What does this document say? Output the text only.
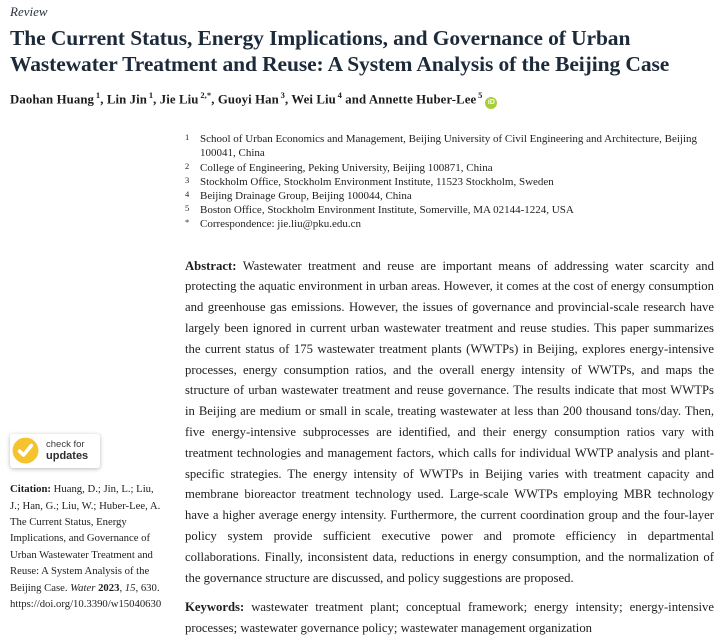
Review
The Current Status, Energy Implications, and Governance of Urban Wastewater Treatment and Reuse: A System Analysis of the Beijing Case
Daohan Huang $^1$, Lin Jin $^1$, Jie Liu $^{2,*}$, Guoyi Han $^3$, Wei Liu $^4$ and Annette Huber-Lee $^5$iD
check for
updates

Citation: Huang, D.; Jin, L.; Liu, J.; Han, G.; Liu, W.; Huber-Lee, A. The Current Status, Energy Implications, and Governance of Urban Wastewater Treatment and Reuse: A System Analysis of the Beijing Case. Water 2023, 15, 630. https://doi.org/10.3390/w15040630

1 School of Urban Economics and Management, Beijing University of Civil Engineering and Architecture, Beijing 100041, China
2 College of Engineering, Peking University, Beijing 100871, China
3 Stockholm Office, Stockholm Environment Institute, 11523 Stockholm, Sweden
4 Beijing Drainage Group, Beijing 100044, China
5 Boston Office, Stockholm Environment Institute, Somerville, MA 02144-1224, USA
* Correspondence: jie.liu@pku.edu.cn

Abstract: Wastewater treatment and reuse are important means of addressing water scarcity and protecting the aquatic environment in urban areas. However, it comes at the cost of energy consumption and greenhouse gas emissions. However, the issues of governance and provincial-scale research have largely been ignored in current urban wastewater treatment and reuse studies. This paper summarizes the current status of 175 wastewater treatment plants (WWTPs) in Beijing, explores energy-intensive processes, energy consumption ratios, and the overall energy intensity of WWTPs, and maps the structure of urban wastewater treatment and reuse governance. The results indicate that most WWTPs in Beijing are medium or small in scale, treating wastewater at less than 200 thousand tons/day. Then, five energy-intensive subprocesses are identified, and their energy consumption ratios vary with treatment technologies and management factors, which calls for individual WWTP analysis and plant-specific strategies. The energy intensity of WWTPs in Beijing varies with treatment capacity and membrane bioreactor treatment technology used. Large-scale WWTPs employing MBR technology have a higher average energy intensity. Furthermore, the current coordination group and the four-layer policy system provide sufficient executive power and promote efficiency in departmental collaborations. Finally, inconsistent data, reductions in energy consumption, and the normalization of the governance structure are discussed, and policy suggestions are proposed.

Keywords: wastewater treatment plant; conceptual framework; energy intensity; energy-intensive processes; wastewater governance policy; wastewater management organization
